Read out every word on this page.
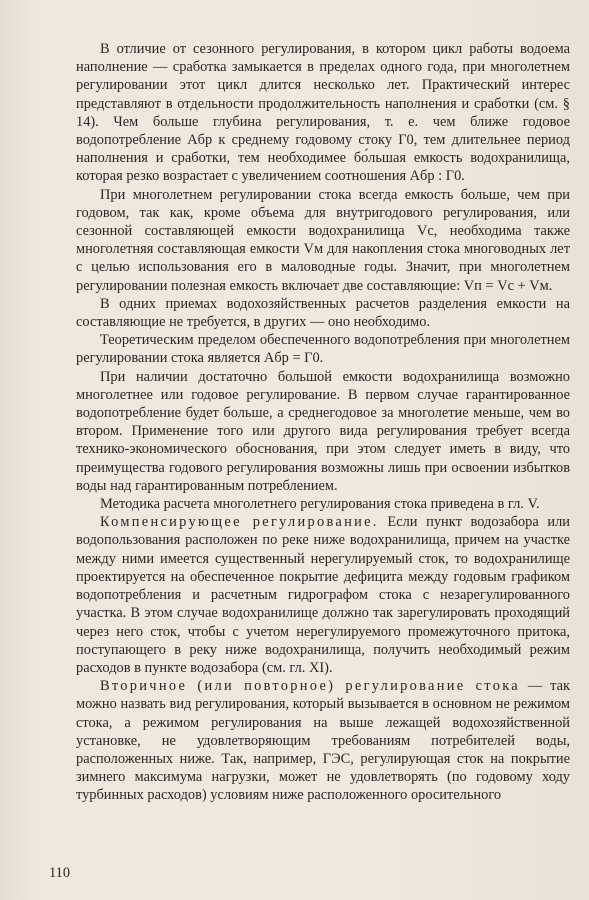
В отличие от сезонного регулирования, в котором цикл работы водоема наполнение — сработка замыкается в пределах одного года, при многолетнем регулировании этот цикл длится несколько лет. Практический интерес представляют в отдельности продолжительность наполнения и сработки (см. § 14). Чем больше глубина регулирования, т. е. чем ближе годовое водопотребление Aбр к среднему годовому стоку Г0, тем длительнее период наполнения и сработки, тем необходимее бо́льшая емкость водохранилища, которая резко возрастает с увеличением соотношения Aбр : Г0.

При многолетнем регулировании стока всегда емкость больше, чем при годовом, так как, кроме объема для внутригодового регулирования, или сезонной составляющей емкости водохранилища Vс, необходима также многолетняя составляющая емкости Vм для накопления стока многоводных лет с целью использования его в маловодные годы. Значит, при многолетнем регулировании полезная емкость включает две составляющие: Vп = Vс + Vм.

В одних приемах водохозяйственных расчетов разделения емкости на составляющие не требуется, в других — оно необходимо.

Теоретическим пределом обеспеченного водопотребления при многолетнем регулировании стока является Aбр = Г0.

При наличии достаточно большой емкости водохранилища возможно многолетнее или годовое регулирование. В первом случае гарантированное водопотребление будет больше, а среднегодовое за многолетие меньше, чем во втором. Применение того или другого вида регулирования требует всегда технико-экономического обоснования, при этом следует иметь в виду, что преимущества годового регулирования возможны лишь при освоении избытков воды над гарантированным потреблением.

Методика расчета многолетнего регулирования стока приведена в гл. V.

Компенсирующее регулирование. Если пункт водозабора или водопользования расположен по реке ниже водохранилища, причем на участке между ними имеется существенный нерегулируемый сток, то водохранилище проектируется на обеспеченное покрытие дефицита между годовым графиком водопотребления и расчетным гидрографом стока с незарегулированного участка. В этом случае водохранилище должно так зарегулировать проходящий через него сток, чтобы с учетом нерегулируемого промежуточного притока, поступающего в реку ниже водохранилища, получить необходимый режим расходов в пункте водозабора (см. гл. XI).

Вторичное (или повторное) регулирование стока — так можно назвать вид регулирования, который вызывается в основном не режимом стока, а режимом регулирования на выше лежащей водохозяйственной установке, не удовлетворяющим требованиям потребителей воды, расположенных ниже. Так, например, ГЭС, регулирующая сток на покрытие зимнего максимума нагрузки, может не удовлетворять (по годовому ходу турбинных расходов) условиям ниже расположенного оросительного

110
